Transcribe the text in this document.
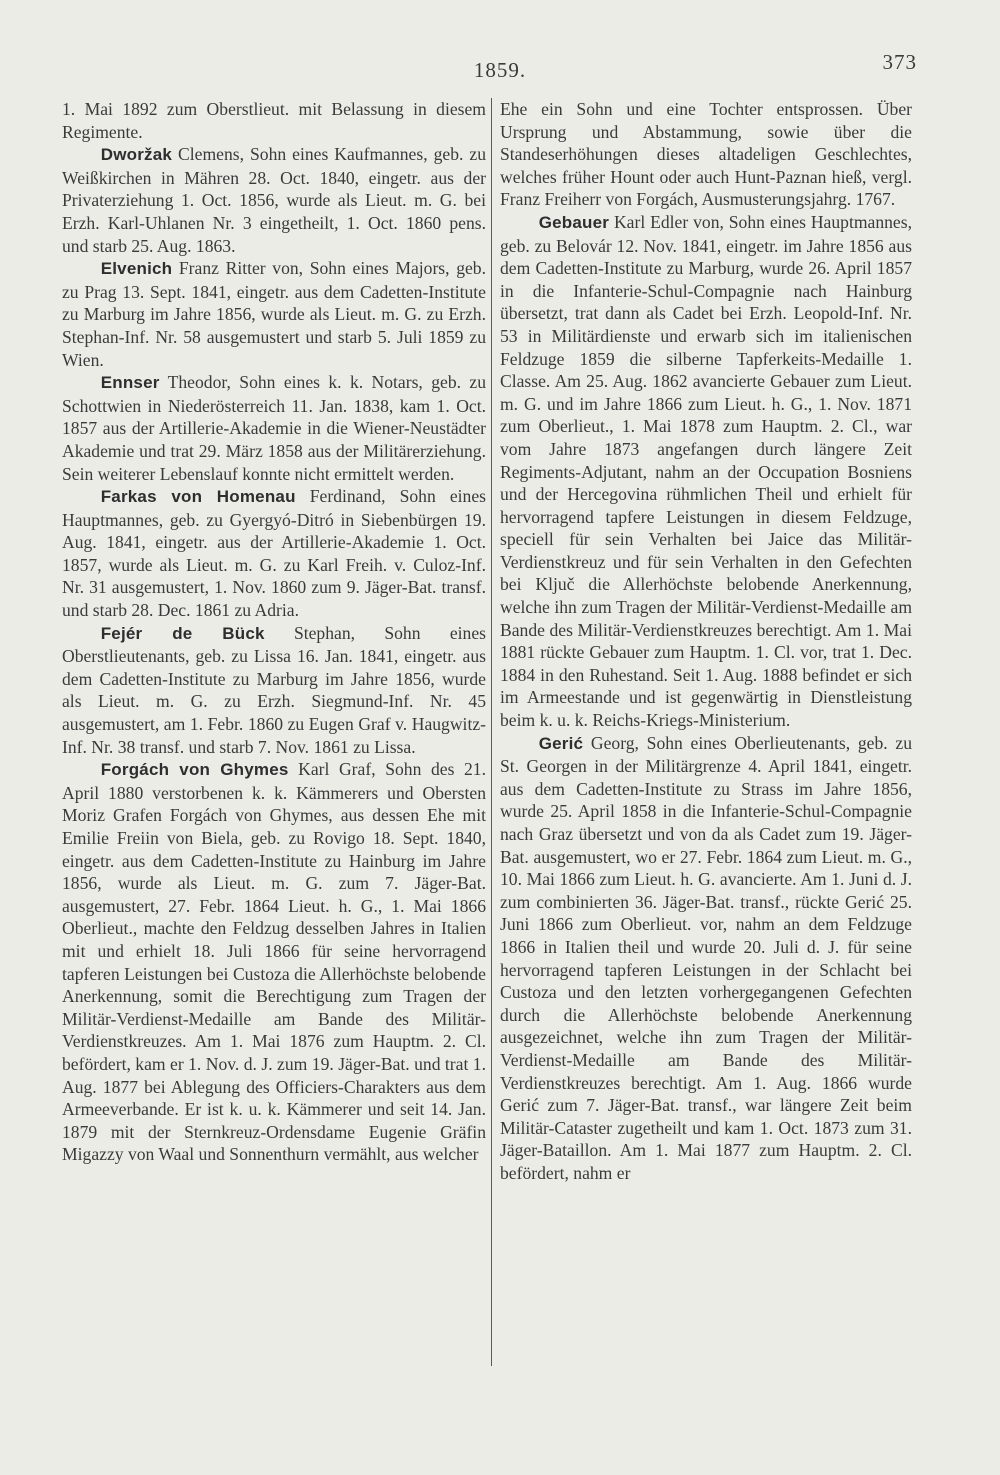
1859.	373

1. Mai 1892 zum Oberstlieut. mit Belassung in diesem Regimente.

Dworžak Clemens, Sohn eines Kaufmannes, geb. zu Weißkirchen in Mähren 28. Oct. 1840, eingetr. aus der Privaterziehung 1. Oct. 1856, wurde als Lieut. m. G. bei Erzh. Karl-Uhlanen Nr. 3 eingetheilt, 1. Oct. 1860 pens. und starb 25. Aug. 1863.

Elvenich Franz Ritter von, Sohn eines Majors, geb. zu Prag 13. Sept. 1841, eingetr. aus dem Cadetten-Institute zu Marburg im Jahre 1856, wurde als Lieut. m. G. zu Erzh. Stephan-Inf. Nr. 58 ausgemustert und starb 5. Juli 1859 zu Wien.

Ennser Theodor, Sohn eines k. k. Notars, geb. zu Schottwien in Niederösterreich 11. Jan. 1838, kam 1. Oct. 1857 aus der Artillerie-Akademie in die Wiener-Neustädter Akademie und trat 29. März 1858 aus der Militärerziehung. Sein weiterer Lebenslauf konnte nicht ermittelt werden.

Farkas von Homenau Ferdinand, Sohn eines Hauptmannes, geb. zu Gyergyó-Ditró in Siebenbürgen 19. Aug. 1841, eingetr. aus der Artillerie-Akademie 1. Oct. 1857, wurde als Lieut. m. G. zu Karl Freih. v. Culoz-Inf. Nr. 31 ausgemustert, 1. Nov. 1860 zum 9. Jäger-Bat. transf. und starb 28. Dec. 1861 zu Adria.

Fejér de Bück Stephan, Sohn eines Oberstlieutenants, geb. zu Lissa 16. Jan. 1841, eingetr. aus dem Cadetten-Institute zu Marburg im Jahre 1856, wurde als Lieut. m. G. zu Erzh. Siegmund-Inf. Nr. 45 ausgemustert, am 1. Febr. 1860 zu Eugen Graf v. Haugwitz-Inf. Nr. 38 transf. und starb 7. Nov. 1861 zu Lissa.

Forgách von Ghymes Karl Graf, Sohn des 21. April 1880 verstorbenen k. k. Kämmerers und Obersten Moriz Grafen Forgách von Ghymes, aus dessen Ehe mit Emilie Freiin von Biela, geb. zu Rovigo 18. Sept. 1840, eingetr. aus dem Cadetten-Institute zu Hainburg im Jahre 1856, wurde als Lieut. m. G. zum 7. Jäger-Bat. ausgemustert, 27. Febr. 1864 Lieut. h. G., 1. Mai 1866 Oberlieut., machte den Feldzug desselben Jahres in Italien mit und erhielt 18. Juli 1866 für seine hervorragend tapferen Leistungen bei Custoza die Allerhöchste belobende Anerkennung, somit die Berechtigung zum Tragen der Militär-Verdienst-Medaille am Bande des Militär-Verdienstkreuzes. Am 1. Mai 1876 zum Hauptm. 2. Cl. befördert, kam er 1. Nov. d. J. zum 19. Jäger-Bat. und trat 1. Aug. 1877 bei Ablegung des Officiers-Charakters aus dem Armeeverbande. Er ist k. u. k. Kämmerer und seit 14. Jan. 1879 mit der Sternkreuz-Ordensdame Eugenie Gräfin Migazzy von Waal und Sonnenthurn vermählt, aus welcher

Ehe ein Sohn und eine Tochter entsprossen. Über Ursprung und Abstammung, sowie über die Standeserhöhungen dieses altadeligen Geschlechtes, welches früher Hount oder auch Hunt-Paznan hieß, vergl. Franz Freiherr von Forgách, Ausmusterungsjahrg. 1767.

Gebauer Karl Edler von, Sohn eines Hauptmannes, geb. zu Belovár 12. Nov. 1841, eingetr. im Jahre 1856 aus dem Cadetten-Institute zu Marburg, wurde 26. April 1857 in die Infanterie-Schul-Compagnie nach Hainburg übersetzt, trat dann als Cadet bei Erzh. Leopold-Inf. Nr. 53 in Militärdienste und erwarb sich im italienischen Feldzuge 1859 die silberne Tapferkeits-Medaille 1. Classe. Am 25. Aug. 1862 avancierte Gebauer zum Lieut. m. G. und im Jahre 1866 zum Lieut. h. G., 1. Nov. 1871 zum Oberlieut., 1. Mai 1878 zum Hauptm. 2. Cl., war vom Jahre 1873 angefangen durch längere Zeit Regiments-Adjutant, nahm an der Occupation Bosniens und der Hercegovina rühmlichen Theil und erhielt für hervorragend tapfere Leistungen in diesem Feldzuge, speciell für sein Verhalten bei Jaice das Militär-Verdienstkreuz und für sein Verhalten in den Gefechten bei Ključ die Allerhöchste belobende Anerkennung, welche ihn zum Tragen der Militär-Verdienst-Medaille am Bande des Militär-Verdienstkreuzes berechtigt. Am 1. Mai 1881 rückte Gebauer zum Hauptm. 1. Cl. vor, trat 1. Dec. 1884 in den Ruhestand. Seit 1. Aug. 1888 befindet er sich im Armeestande und ist gegenwärtig in Dienstleistung beim k. u. k. Reichs-Kriegs-Ministerium.

Gerić Georg, Sohn eines Oberlieutenants, geb. zu St. Georgen in der Militärgrenze 4. April 1841, eingetr. aus dem Cadetten-Institute zu Strass im Jahre 1856, wurde 25. April 1858 in die Infanterie-Schul-Compagnie nach Graz übersetzt und von da als Cadet zum 19. Jäger-Bat. ausgemustert, wo er 27. Febr. 1864 zum Lieut. m. G., 10. Mai 1866 zum Lieut. h. G. avancierte. Am 1. Juni d. J. zum combinierten 36. Jäger-Bat. transf., rückte Gerić 25. Juni 1866 zum Oberlieut. vor, nahm an dem Feldzuge 1866 in Italien theil und wurde 20. Juli d. J. für seine hervorragend tapferen Leistungen in der Schlacht bei Custoza und den letzten vorhergegangenen Gefechten durch die Allerhöchste belobende Anerkennung ausgezeichnet, welche ihn zum Tragen der Militär-Verdienst-Medaille am Bande des Militär-Verdienstkreuzes berechtigt. Am 1. Aug. 1866 wurde Gerić zum 7. Jäger-Bat. transf., war längere Zeit beim Militär-Cataster zugetheilt und kam 1. Oct. 1873 zum 31. Jäger-Bataillon. Am 1. Mai 1877 zum Hauptm. 2. Cl. befördert, nahm er
